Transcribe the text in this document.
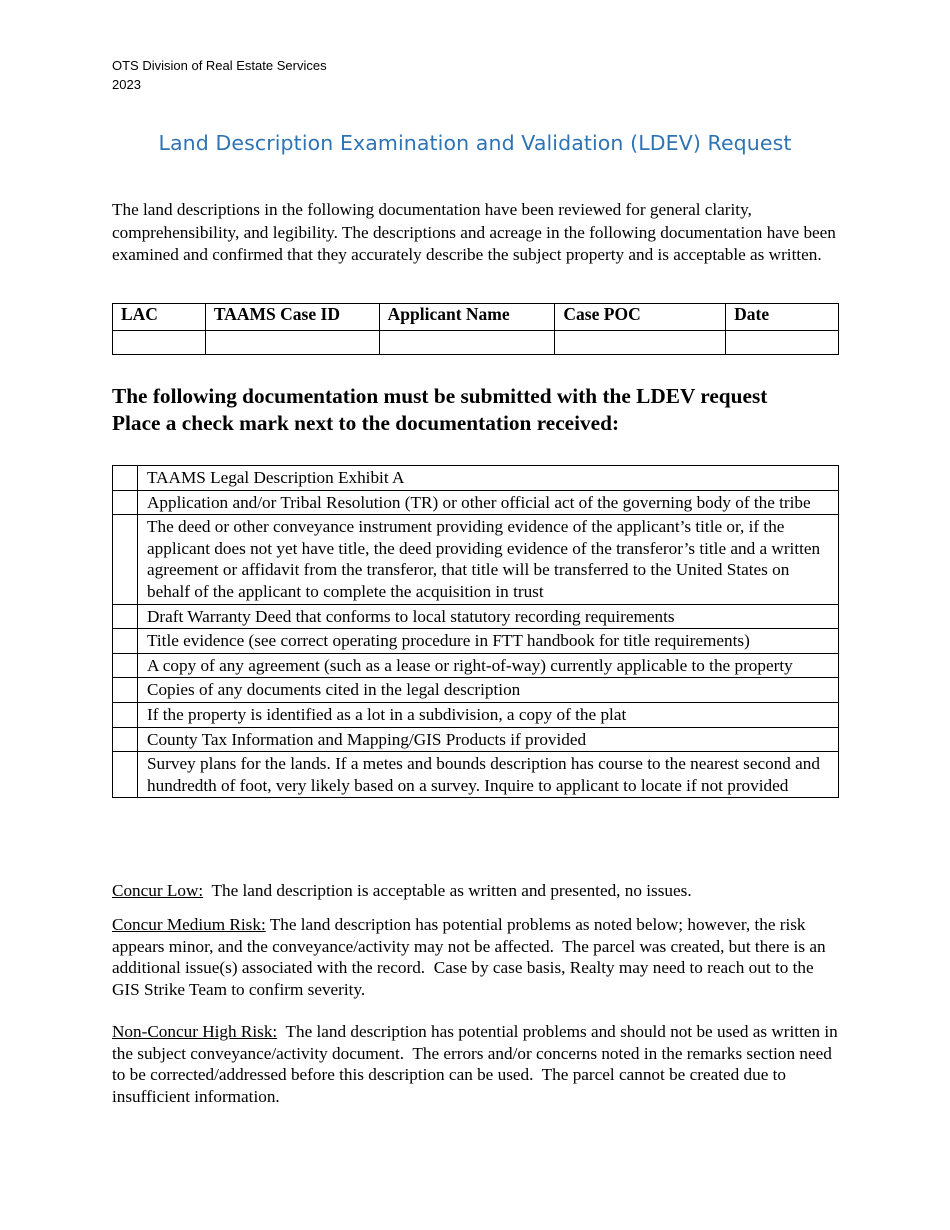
OTS Division of Real Estate Services
2023
Land Description Examination and Validation (LDEV) Request
The land descriptions in the following documentation have been reviewed for general clarity, comprehensibility, and legibility. The descriptions and acreage in the following documentation have been examined and confirmed that they accurately describe the subject property and is acceptable as written.
LAC	TAAMS Case ID	Applicant Name	Case POC	Date

The following documentation must be submitted with the LDEV request
Place a check mark next to the documentation received:
	TAAMS Legal Description Exhibit A
	Application and/or Tribal Resolution (TR) or other official act of the governing body of the tribe
	The deed or other conveyance instrument providing evidence of the applicant’s title or, if the applicant does not yet have title, the deed providing evidence of the transferor’s title and a written agreement or affidavit from the transferor, that title will be transferred to the United States on behalf of the applicant to complete the acquisition in trust
	Draft Warranty Deed that conforms to local statutory recording requirements
	Title evidence (see correct operating procedure in FTT handbook for title requirements)
	A copy of any agreement (such as a lease or right-of-way) currently applicable to the property
	Copies of any documents cited in the legal description
	If the property is identified as a lot in a subdivision, a copy of the plat
	County Tax Information and Mapping/GIS Products if provided
	Survey plans for the lands. If a metes and bounds description has course to the nearest second and hundredth of foot, very likely based on a survey. Inquire to applicant to locate if not provided
Concur Low:  The land description is acceptable as written and presented, no issues.
Concur Medium Risk: The land description has potential problems as noted below; however, the risk appears minor, and the conveyance/activity may not be affected.  The parcel was created, but there is an additional issue(s) associated with the record.  Case by case basis, Realty may need to reach out to the GIS Strike Team to confirm severity.
Non-Concur High Risk:  The land description has potential problems and should not be used as written in the subject conveyance/activity document.  The errors and/or concerns noted in the remarks section need to be corrected/addressed before this description can be used.  The parcel cannot be created due to insufficient information.
